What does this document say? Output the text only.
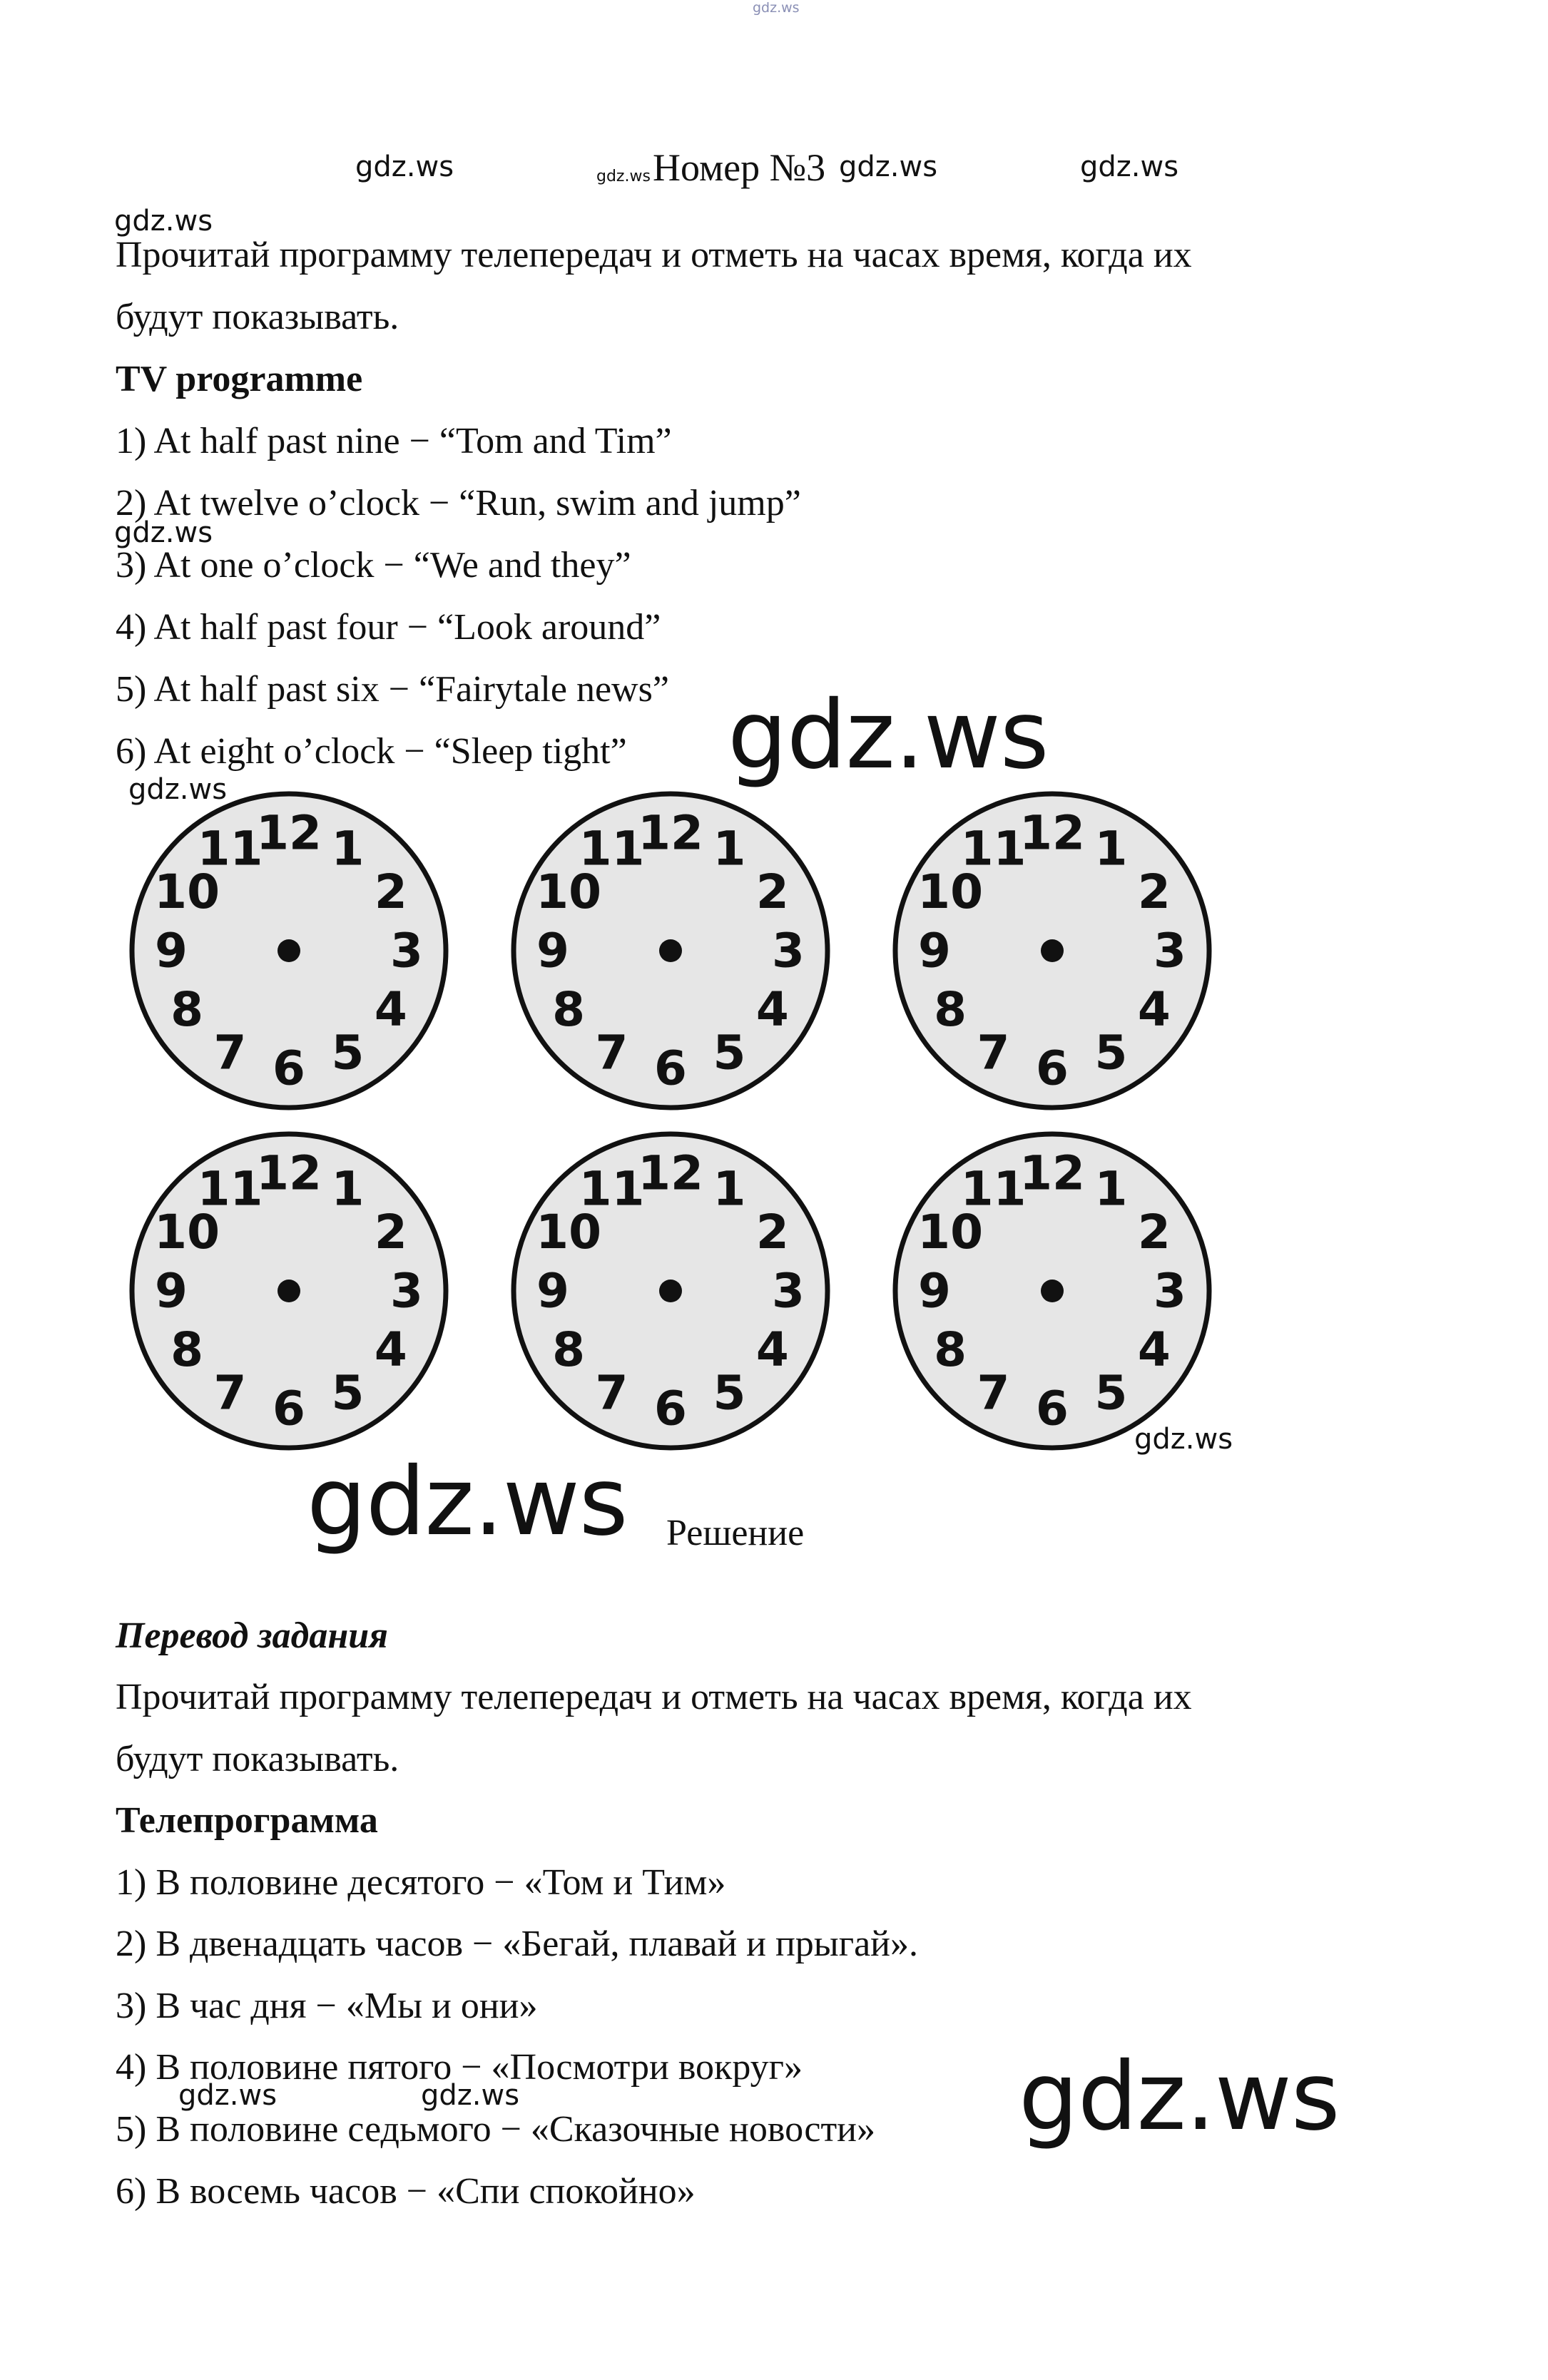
gdz.ws
gdz.ws	gdz.ws	gdz.ws	gdz.ws
gdz.ws
gdz.ws
gdz.ws
gdz.ws
gdz.ws
gdz.ws
gdz.ws	gdz.ws	gdz.ws
Номер №3
Прочитай программу телепередач и отметь на часах время, когда их
будут показывать.
TV programme
1) At half past nine − “Tom and Tim”
2) At twelve o’clock − “Run, swim and jump”
3) At one o’clock − “We and they”
4) At half past four − “Look around”
5) At half past six − “Fairytale news”
6) At eight o’clock − “Sleep tight”
12 1
2
3
4
5
6
7
8
9
10
11	12 1
2
3
4
5
6
7
8
9
10
11	12 1
2
3
4
5
6
7
8
9
10
11
12 1
2
3
4
5
6
7
8
9
10
11	12 1
2
3
4
5
6
7
8
9
10
11	12 1
2
3
4
5
6
7
8
9
10
11
Решение
Перевод задания
Прочитай программу телепередач и отметь на часах время, когда их
будут показывать.
Телепрограмма
1) В половине десятого − «Том и Тим»
2) В двенадцать часов − «Бегай, плавай и прыгай».
3) В час дня − «Мы и они»
4) В половине пятого − «Посмотри вокруг»
5) В половине седьмого − «Сказочные новости»
6) В восемь часов − «Спи спокойно»
